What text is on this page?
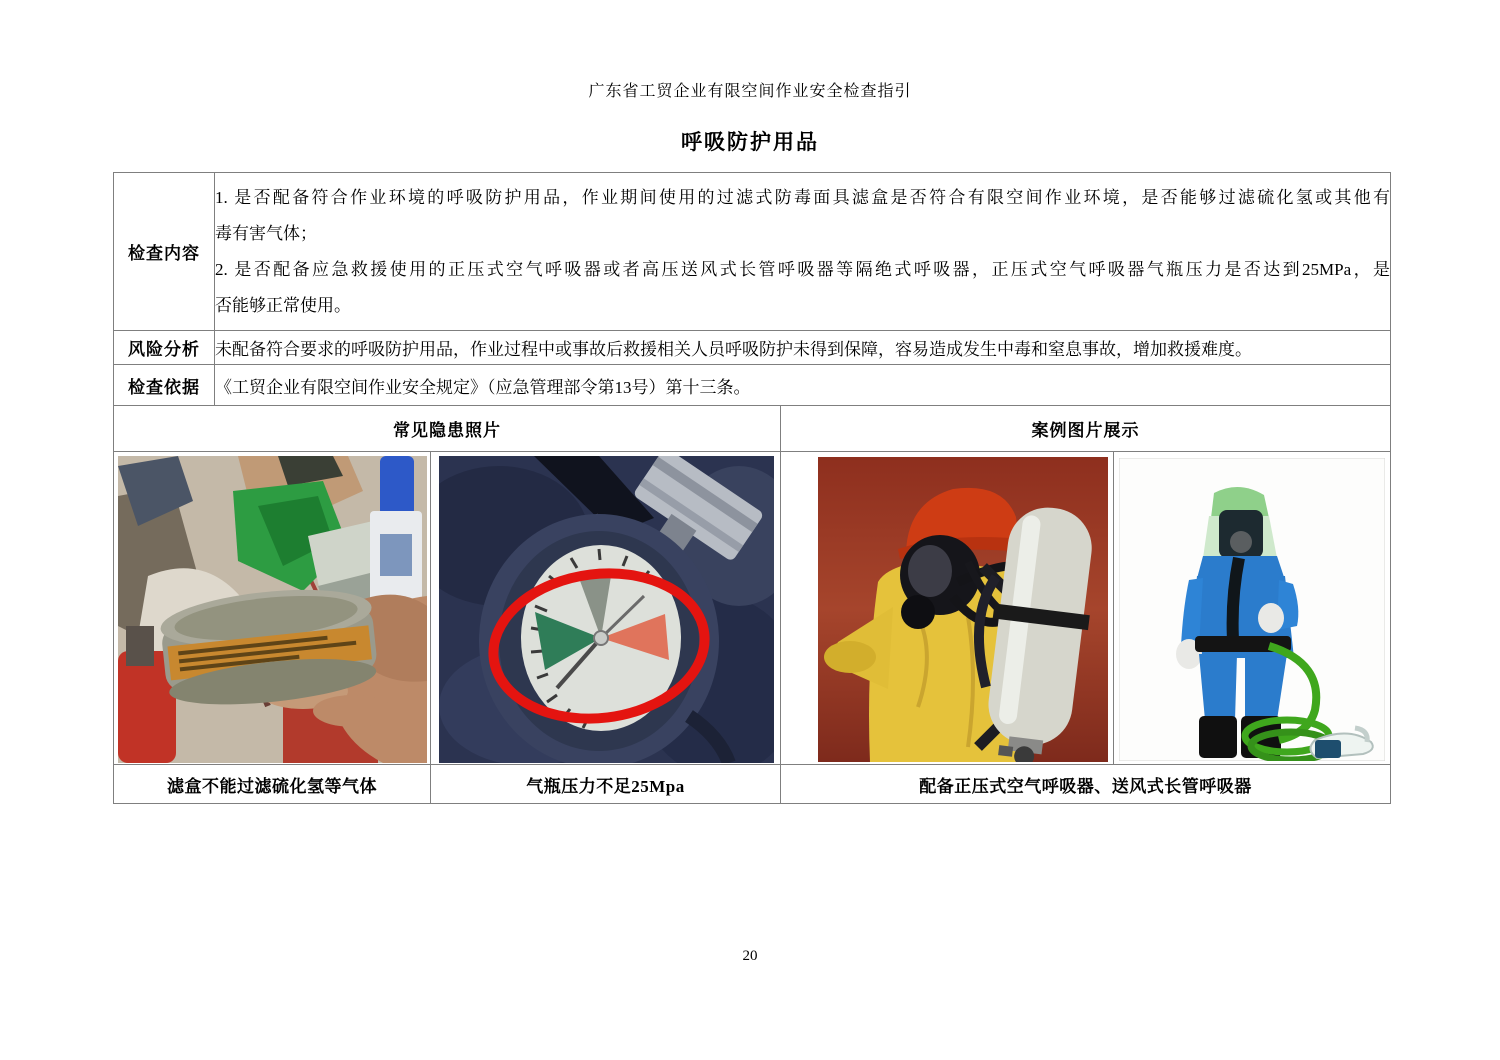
广东省工贸企业有限空间作业安全检查指引
呼吸防护用品
检查内容	1. 是否配备符合作业环境的呼吸防护用品，作业期间使用的过滤式防毒面具滤盒是否符合有限空间作业环境，是否能够过滤硫化氢或其他有
毒有害气体；
2. 是否配备应急救援使用的正压式空气呼吸器或者高压送风式长管呼吸器等隔绝式呼吸器，正压式空气呼吸器气瓶压力是否达到25MPa，是
否能够正常使用。			

风险分析	未配备符合要求的呼吸防护用品，作业过程中或事故后救援相关人员呼吸防护未得到保障，容易造成发生中毒和窒息事故，增加救援难度。			
检查依据	《工贸企业有限空间作业安全规定》（应急管理部令第13号）第十三条。			
常见隐患照片			案例图片展示	

滤盒不能过滤硫化氢等气体		气瓶压力不足25Mpa	配备正压式空气呼吸器、送风式长管呼吸器	
20
